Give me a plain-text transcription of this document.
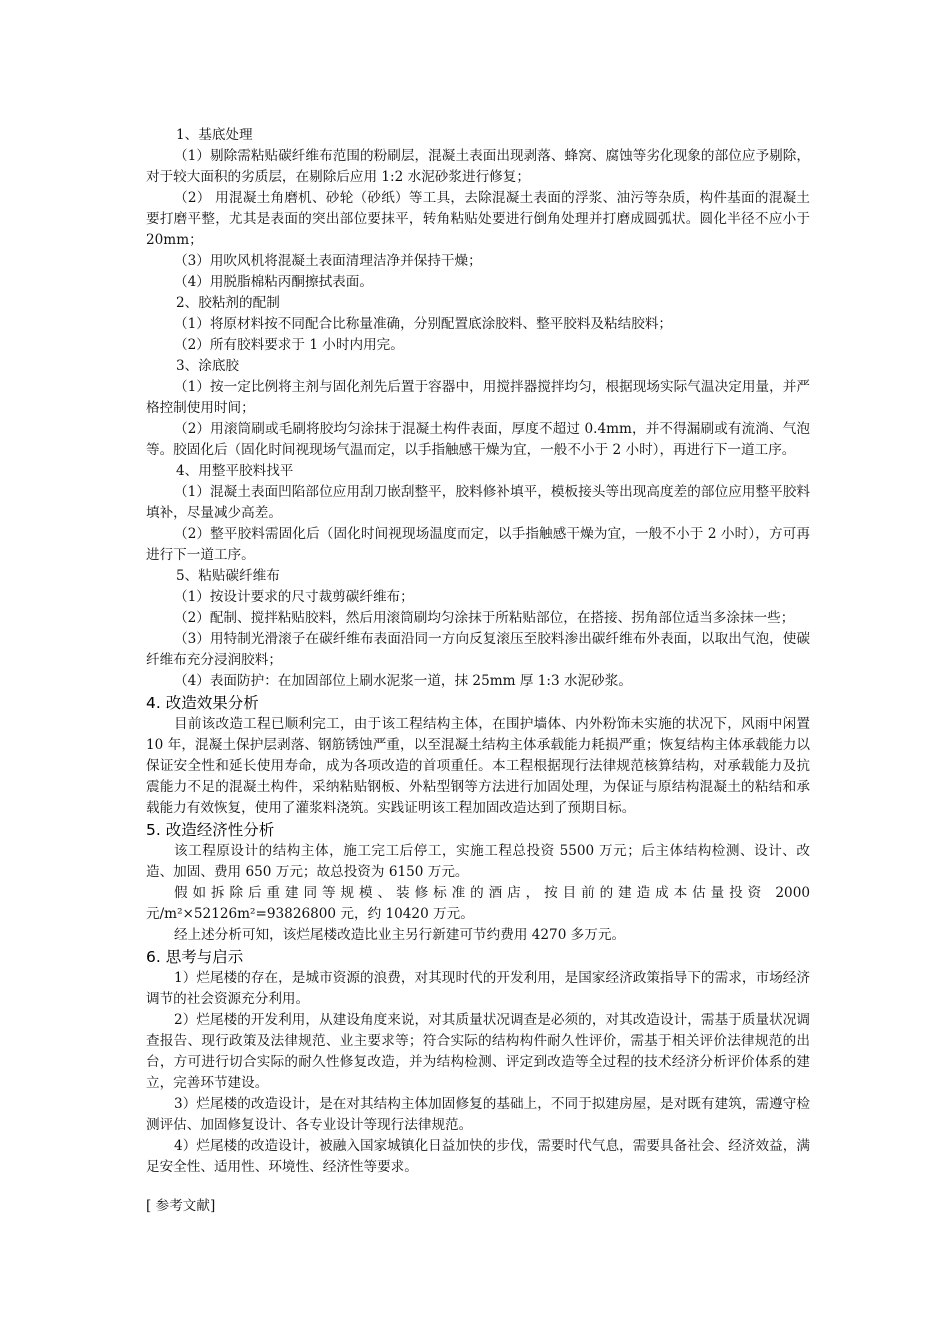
1、基底处理

（1）剔除需粘贴碳纤维布范围的粉刷层，混凝土表面出现剥落、蜂窝、腐蚀等劣化现象的部位应予剔除，对于较大面积的劣质层，在剔除后应用 1:2 水泥砂浆进行修复；

（2） 用混凝土角磨机、砂轮（砂纸）等工具，去除混凝土表面的浮浆、油污等杂质，构件基面的混凝土要打磨平整，尤其是表面的突出部位要抹平，转角粘贴处要进行倒角处理并打磨成圆弧状。圆化半径不应小于 20mm；

（3）用吹风机将混凝土表面清理洁净并保持干燥；

（4）用脱脂棉粘丙酮擦拭表面。

2、胶粘剂的配制

（1）将原材料按不同配合比称量准确，分别配置底涂胶料、整平胶料及粘结胶料；

（2）所有胶料要求于 1 小时内用完。

3、涂底胶

（1）按一定比例将主剂与固化剂先后置于容器中，用搅拌器搅拌均匀，根据现场实际气温决定用量，并严格控制使用时间；

（2）用滚筒刷或毛刷将胶均匀涂抹于混凝土构件表面，厚度不超过 0.4mm，并不得漏刷或有流淌、气泡等。胶固化后（固化时间视现场气温而定，以手指触感干燥为宜，一般不小于 2 小时），再进行下一道工序。

4、用整平胶料找平

（1）混凝土表面凹陷部位应用刮刀嵌刮整平，胶料修补填平，模板接头等出现高度差的部位应用整平胶料填补，尽量减少高差。

（2）整平胶料需固化后（固化时间视现场温度而定，以手指触感干燥为宜，一般不小于 2 小时），方可再进行下一道工序。

5、粘贴碳纤维布

（1）按设计要求的尺寸裁剪碳纤维布；

（2）配制、搅拌粘贴胶料，然后用滚筒刷均匀涂抹于所粘贴部位，在搭接、拐角部位适当多涂抹一些；

（3）用特制光滑滚子在碳纤维布表面沿同一方向反复滚压至胶料渗出碳纤维布外表面，以取出气泡，使碳纤维布充分浸润胶料；

（4）表面防护：在加固部位上刷水泥浆一道，抹 25mm 厚 1:3 水泥砂浆。

4. 改造效果分析

目前该改造工程已顺利完工，由于该工程结构主体，在围护墙体、内外粉饰未实施的状况下，风雨中闲置 10 年，混凝土保护层剥落、钢筋锈蚀严重，以至混凝土结构主体承载能力耗损严重；恢复结构主体承载能力以保证安全性和延长使用寿命，成为各项改造的首项重任。本工程根据现行法律规范核算结构，对承载能力及抗震能力不足的混凝土构件，采纳粘贴钢板、外粘型钢等方法进行加固处理，为保证与原结构混凝土的粘结和承载能力有效恢复，使用了灌浆料浇筑。实践证明该工程加固改造达到了预期目标。

5. 改造经济性分析

该工程原设计的结构主体，施工完工后停工，实施工程总投资 5500 万元；后主体结构检测、设计、改造、加固、费用 650 万元；故总投资为 6150 万元。

假如拆除后重建同等规模、装修标准的酒店，按目前的建造成本估量投资 2000 元/m²×52126m²=93826800 元，约 10420 万元。

经上述分析可知，该烂尾楼改造比业主另行新建可节约费用 4270 多万元。

6. 思考与启示

1）烂尾楼的存在，是城市资源的浪费，对其现时代的开发利用，是国家经济政策指导下的需求，市场经济调节的社会资源充分利用。

2）烂尾楼的开发利用，从建设角度来说，对其质量状况调查是必须的，对其改造设计，需基于质量状况调查报告、现行政策及法律规范、业主要求等；符合实际的结构构件耐久性评价，需基于相关评价法律规范的出台，方可进行切合实际的耐久性修复改造，并为结构检测、评定到改造等全过程的技术经济分析评价体系的建立，完善环节建设。

3）烂尾楼的改造设计，是在对其结构主体加固修复的基础上，不同于拟建房屋，是对既有建筑，需遵守检测评估、加固修复设计、各专业设计等现行法律规范。

4）烂尾楼的改造设计，被融入国家城镇化日益加快的步伐，需要时代气息，需要具备社会、经济效益，满足安全性、适用性、环境性、经济性等要求。

[ 参考文献]
